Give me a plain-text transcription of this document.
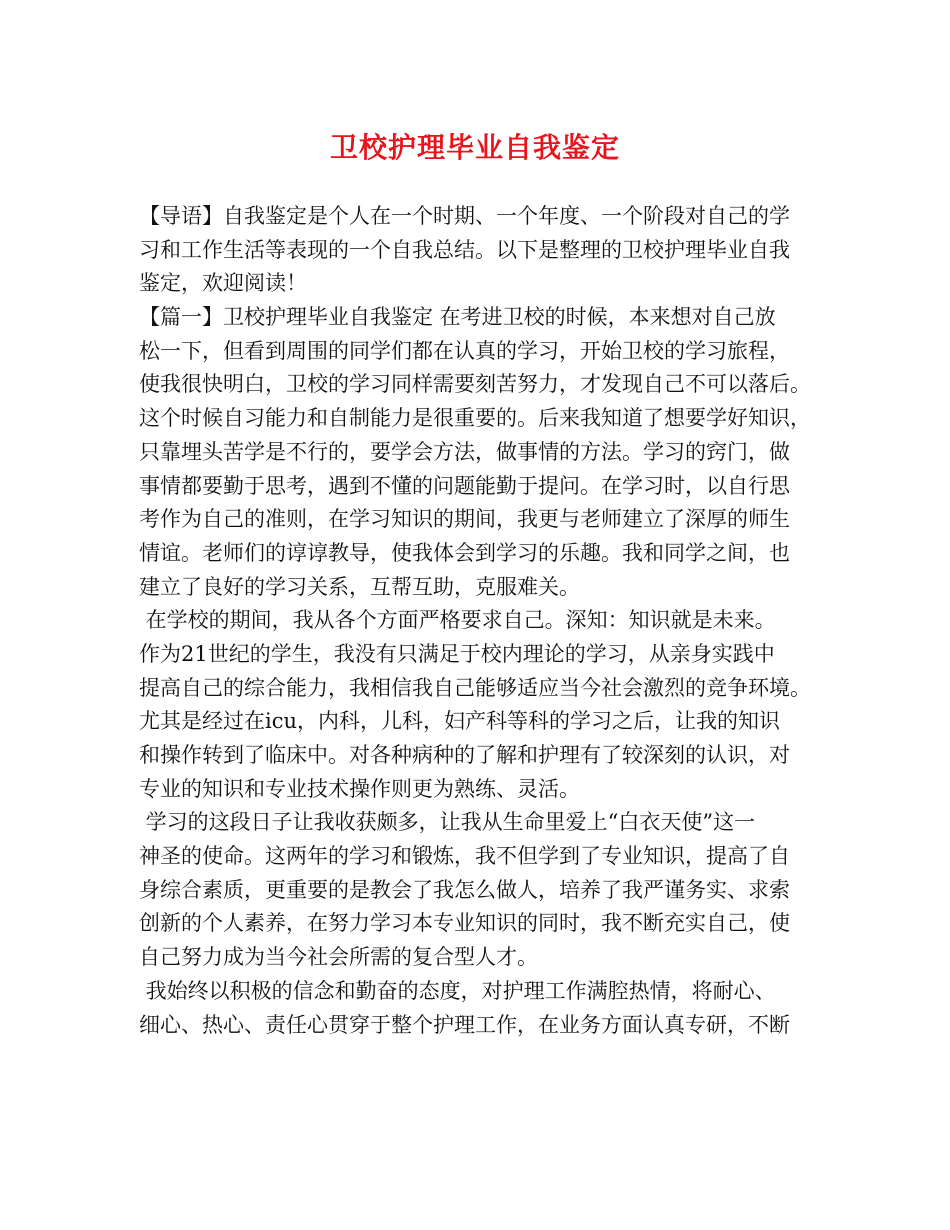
卫校护理毕业自我鉴定
【导语】自我鉴定是个人在一个时期、一个年度、一个阶段对自己的学
习和工作生活等表现的一个自我总结。以下是整理的卫校护理毕业自我
鉴定，欢迎阅读！
【篇一】卫校护理毕业自我鉴定 在考进卫校的时候，本来想对自己放
松一下，但看到周围的同学们都在认真的学习，开始卫校的学习旅程，
使我很快明白，卫校的学习同样需要刻苦努力，才发现自己不可以落后。
这个时候自习能力和自制能力是很重要的。后来我知道了想要学好知识，
只靠埋头苦学是不行的，要学会方法，做事情的方法。学习的窍门，做
事情都要勤于思考，遇到不懂的问题能勤于提问。在学习时，以自行思
考作为自己的准则，在学习知识的期间，我更与老师建立了深厚的师生
情谊。老师们的谆谆教导，使我体会到学习的乐趣。我和同学之间，也
建立了良好的学习关系，互帮互助，克服难关。
在学校的期间，我从各个方面严格要求自己。深知：知识就是未来。
作为21世纪的学生，我没有只满足于校内理论的学习，从亲身实践中
提高自己的综合能力，我相信我自己能够适应当今社会激烈的竞争环境。
尤其是经过在icu，内科，儿科，妇产科等科的学习之后，让我的知识
和操作转到了临床中。对各种病种的了解和护理有了较深刻的认识，对
专业的知识和专业技术操作则更为熟练、灵活。
学习的这段日子让我收获颇多，让我从生命里爱上“白衣天使”这一
神圣的使命。这两年的学习和锻炼，我不但学到了专业知识，提高了自
身综合素质，更重要的是教会了我怎么做人，培养了我严谨务实、求索
创新的个人素养，在努力学习本专业知识的同时，我不断充实自己，使
自己努力成为当今社会所需的复合型人才。
我始终以积极的信念和勤奋的态度，对护理工作满腔热情，将耐心、
细心、热心、责任心贯穿于整个护理工作，在业务方面认真专研，不断
